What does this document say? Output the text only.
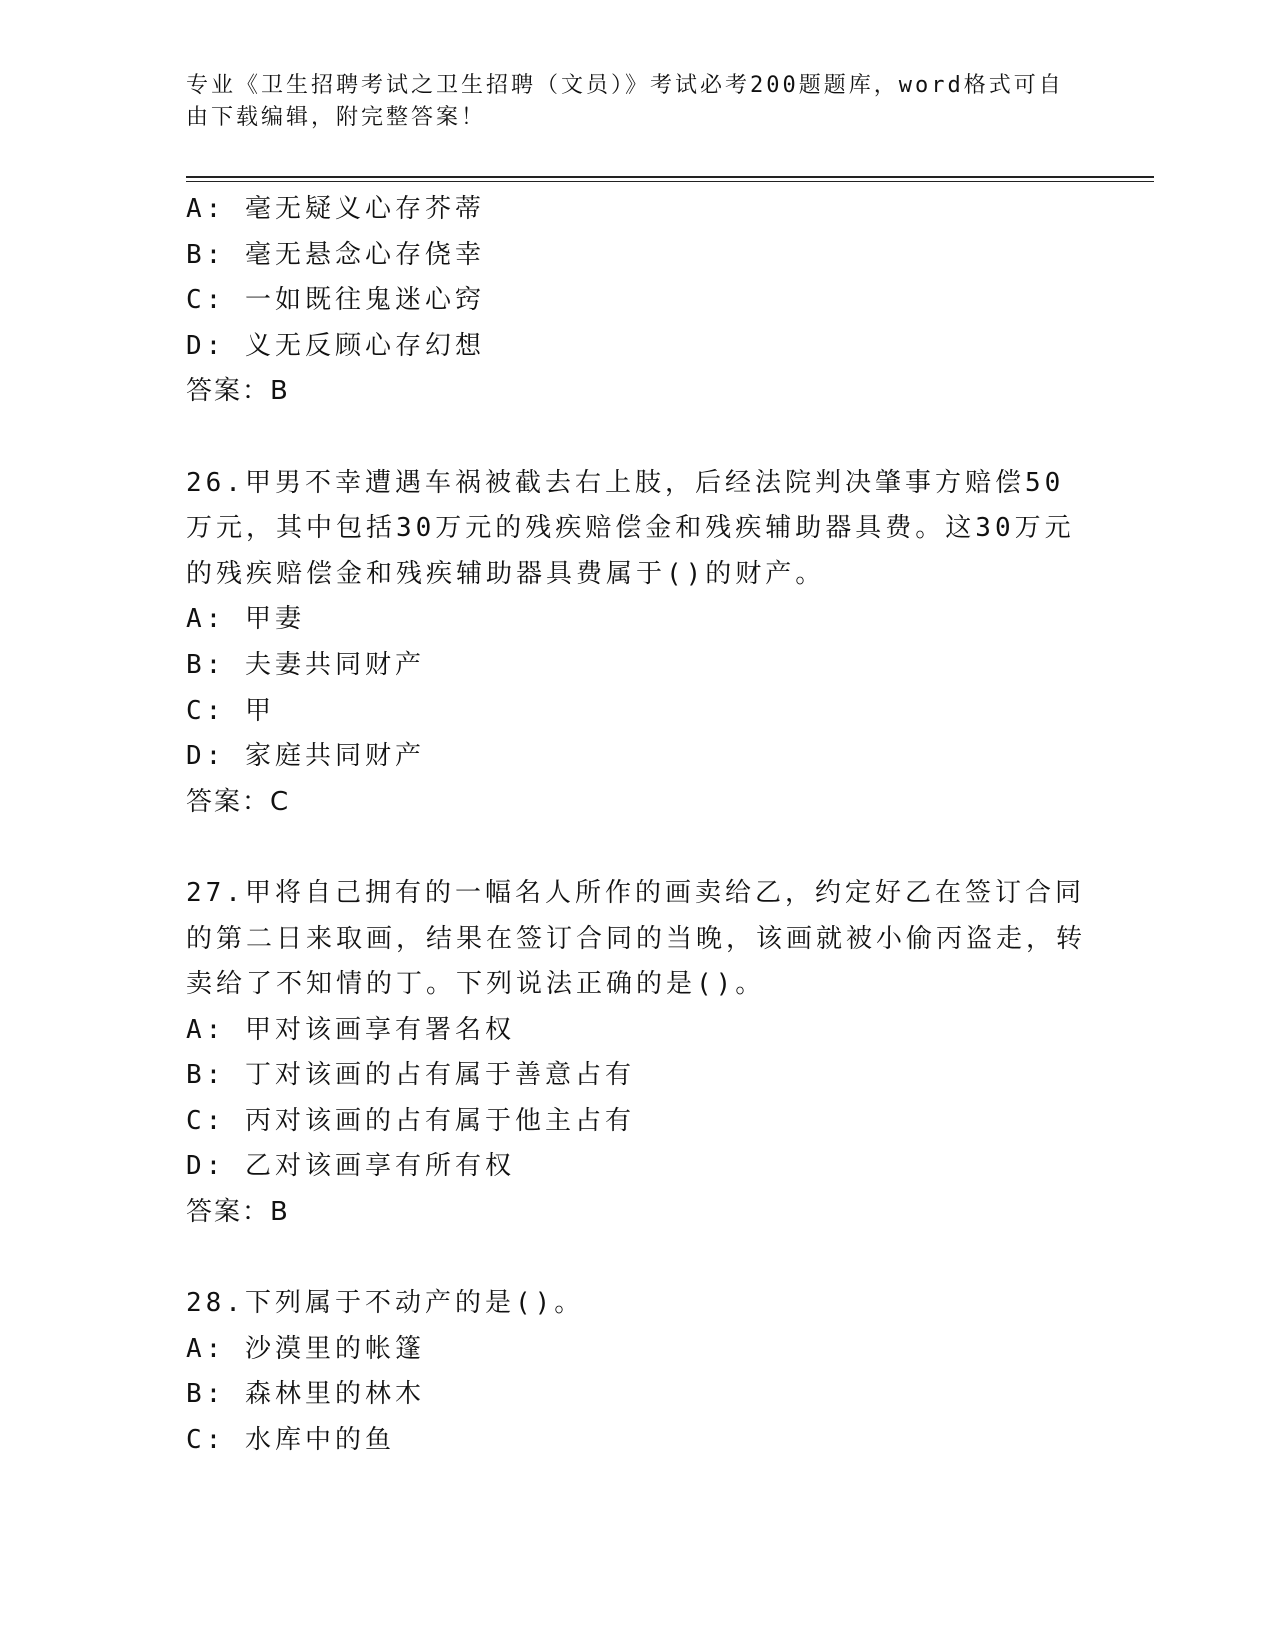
专业《卫生招聘考试之卫生招聘（文员）》考试必考200题题库，word格式可自由下载编辑，附完整答案！
A: 毫无疑义心存芥蒂
B: 毫无悬念心存侥幸
C: 一如既往鬼迷心窍
D: 义无反顾心存幻想
答案：B
26.甲男不幸遭遇车祸被截去右上肢，后经法院判决肇事方赔偿50万元，其中包括30万元的残疾赔偿金和残疾辅助器具费。这30万元的残疾赔偿金和残疾辅助器具费属于()的财产。
A: 甲妻
B: 夫妻共同财产
C: 甲
D: 家庭共同财产
答案：C
27.甲将自己拥有的一幅名人所作的画卖给乙，约定好乙在签订合同的第二日来取画，结果在签订合同的当晚，该画就被小偷丙盗走，转卖给了不知情的丁。下列说法正确的是()。
A: 甲对该画享有署名权
B: 丁对该画的占有属于善意占有
C: 丙对该画的占有属于他主占有
D: 乙对该画享有所有权
答案：B
28.下列属于不动产的是()。
A: 沙漠里的帐篷
B: 森林里的林木
C: 水库中的鱼
